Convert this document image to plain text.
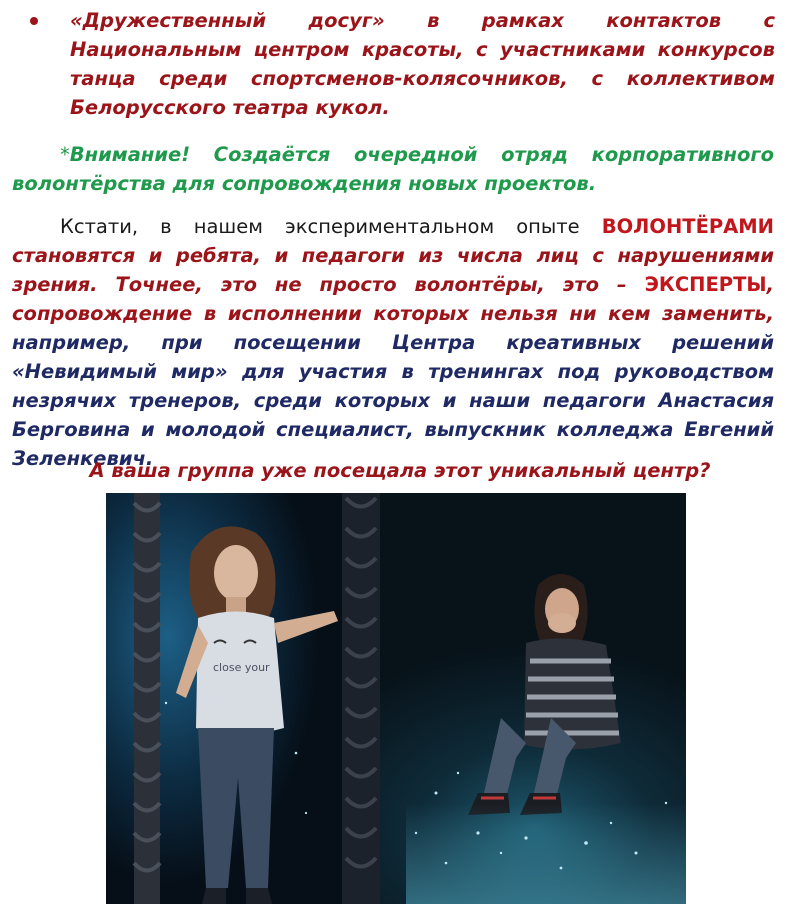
«Дружественный досуг» в рамках контактов с Национальным центром красоты, с участниками конкурсов танца среди спортсменов-колясочников, с коллективом Белорусского театра кукол.
*Внимание! Создаётся очередной отряд корпоративного волонтёрства для сопровождения новых проектов.
Кстати, в нашем экспериментальном опыте ВОЛОНТЁРАМИ становятся и ребята, и педагоги из числа лиц с нарушениями зрения. Точнее, это не просто волонтёры, это – ЭКСПЕРТЫ, сопровождение в исполнении которых нельзя ни кем заменить, например, при посещении Центра креативных решений «Невидимый мир» для участия в тренингах под руководством незрячих тренеров, среди которых и наши педагоги Анастасия Берговина и молодой специалист, выпускник колледжа Евгений Зеленкевич.
А ваша группа уже посещала этот уникальный центр?
close your
